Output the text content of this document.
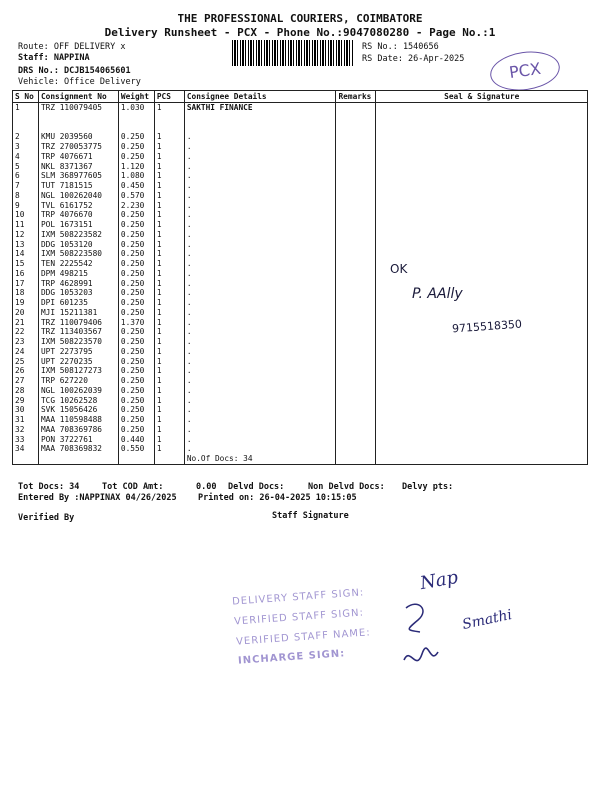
THE PROFESSIONAL COURIERS, COIMBATORE
Delivery Runsheet - PCX - Phone No.:9047080280 - Page No.:1
Route: OFF DELIVERY x
Staff: NAPPINA
DRS No.: DCJB154065601
Vehicle: Office Delivery
RS No.: 1540656
RS Date: 26-Apr-2025	PCX
S No	Consignment No	Weight	PCS	Consignee Details	Remarks	Seal & Signature
1	TRZ 110079405	1.030	1	SAKTHI FINANCE		

2	KMU 2039560	0.250	1	.		
3	TRZ 270053775	0.250	1	.		
4	TRP 4076671	0.250	1	.		
5	NKL 8371367	1.120	1	.		
6	SLM 368977605	1.080	1	.		
7	TUT 7181515	0.450	1	.		
8	NGL 100262040	0.570	1	.		
9	TVL 6161752	2.230	1	.		
10	TRP 4076670	0.250	1	.		
11	POL 1673151	0.250	1	.		
12	IXM 508223582	0.250	1	.		
13	DDG 1053120	0.250	1	.		
14	IXM 508223580	0.250	1	.		
15	TEN 2225542	0.250	1	.		
16	DPM 498215	0.250	1	.		
17	TRP 4628991	0.250	1	.		
18	DDG 1053203	0.250	1	.		
19	DPI 601235	0.250	1	.		
20	MJI 15211381	0.250	1	.		
21	TRZ 110079406	1.370	1	.		
22	TRZ 113403567	0.250	1	.		
23	IXM 508223570	0.250	1	.		
24	UPT 2273795	0.250	1	.		
25	UPT 2270235	0.250	1	.		
26	IXM 508127273	0.250	1	.		
27	TRP 627220	0.250	1	.		
28	NGL 100262039	0.250	1	.		
29	TCG 10262528	0.250	1	.		
30	SVK 15056426	0.250	1	.		
31	MAA 110598488	0.250	1	.		
32	MAA 708369786	0.250	1	.		
33	PON 3722761	0.440	1	.		
34	MAA 708369832	0.550	1	.		
				No.Of Docs: 34		
OK
P. AAlly
9715518350
Tot Docs: 34	Tot COD Amt:	0.00 Delvd Docs:	Non Delvd Docs: Delvy pts:
Entered By :NAPPINAX 04/26/2025	Printed on: 26-04-2025 10:15:05
Verified By	Staff Signature
DELIVERY STAFF SIGN:
VERIFIED STAFF SIGN:
VERIFIED STAFF NAME:
INCHARGE SIGN:
Nap
Smathi
